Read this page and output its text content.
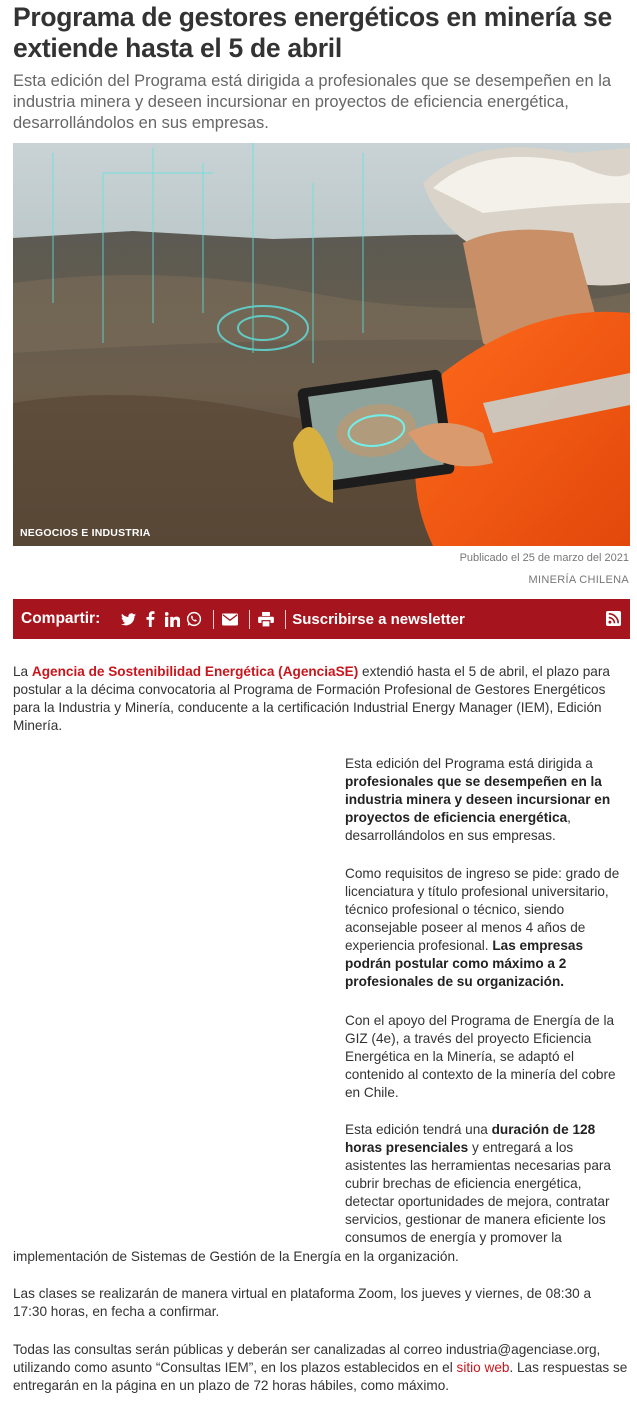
Programa de gestores energéticos en minería se extiende hasta el 5 de abril

Esta edición del Programa está dirigida a profesionales que se desempeñen en la industria minera y deseen incursionar en proyectos de eficiencia energética, desarrollándolos en sus empresas.

NEGOCIOS E INDUSTRIA
Publicado el 25 de marzo del 2021
MINERÍA CHILENA
Compartir:	Suscribirse a newsletter

La Agencia de Sostenibilidad Energética (AgenciaSE) extendió hasta el 5 de abril, el plazo para postular a la décima convocatoria al Programa de Formación Profesional de Gestores Energéticos para la Industria y Minería, conducente a la certificación Industrial Energy Manager (IEM), Edición Minería.

Esta edición del Programa está dirigida a profesionales que se desempeñen en la industria minera y deseen incursionar en proyectos de eficiencia energética, desarrollándolos en sus empresas.

Como requisitos de ingreso se pide: grado de licenciatura y título profesional universitario, técnico profesional o técnico, siendo aconsejable poseer al menos 4 años de experiencia profesional. Las empresas podrán postular como máximo a 2 profesionales de su organización.

Con el apoyo del Programa de Energía de la GIZ (4e), a través del proyecto Eficiencia Energética en la Minería, se adaptó el contenido al contexto de la minería del cobre en Chile.

Esta edición tendrá una duración de 128 horas presenciales y entregará a los asistentes las herramientas necesarias para cubrir brechas de eficiencia energética, detectar oportunidades de mejora, contratar servicios, gestionar de manera eficiente los consumos de energía y promover la

implementación de Sistemas de Gestión de la Energía en la organización.

Las clases se realizarán de manera virtual en plataforma Zoom, los jueves y viernes, de 08:30 a 17:30 horas, en fecha a confirmar.

Todas las consultas serán públicas y deberán ser canalizadas al correo industria@agenciase.org, utilizando como asunto “Consultas IEM”, en los plazos establecidos en el sitio web. Las respuestas se entregarán en la página en un plazo de 72 horas hábiles, como máximo.
